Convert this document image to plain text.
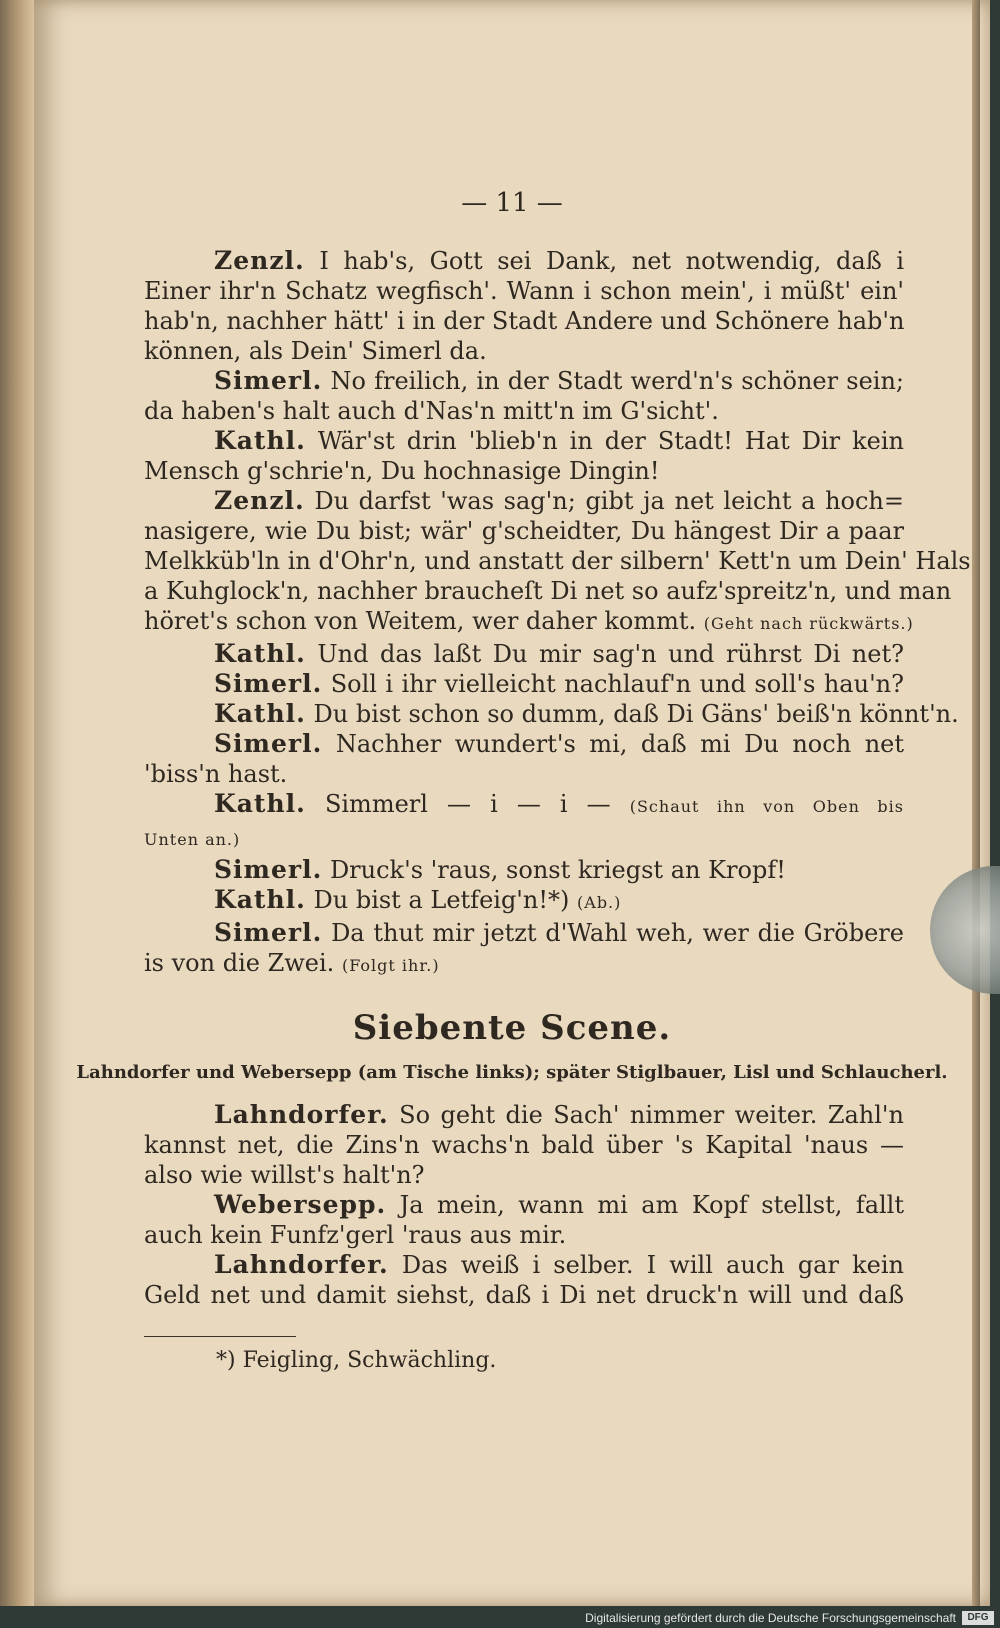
— 11 —
Zenzl. I hab's, Gott sei Dank, net notwendig, daß i
Einer ihr'n Schatz wegfisch'. Wann i schon mein', i müßt' ein'
hab'n, nachher hätt' i in der Stadt Andere und Schönere hab'n
können, als Dein' Simerl da.
Simerl. No freilich, in der Stadt werd'n's schöner sein;
da haben's halt auch d'Nas'n mitt'n im G'sicht'.
Kathl. Wär'st drin 'blieb'n in der Stadt! Hat Dir kein
Mensch g'schrie'n, Du hochnasige Dingin!
Zenzl. Du darfst 'was sag'n; gibt ja net leicht a hoch=
nasigere, wie Du bist; wär' g'scheidter, Du hängest Dir a paar
Melkküb'ln in d'Ohr'n, und anstatt der silbern' Kett'n um Dein' Hals
a Kuhglock'n, nachher braucheſt Di net so aufz'spreitz'n, und man
höret's schon von Weitem, wer daher kommt. (Geht nach rückwärts.)
Kathl. Und das laßt Du mir sag'n und rührst Di net?
Simerl. Soll i ihr vielleicht nachlauf'n und soll's hau'n?
Kathl. Du bist schon so dumm, daß Di Gäns' beiß'n könnt'n.
Simerl. Nachher wundert's mi, daß mi Du noch net
'biss'n hast.
Kathl. Simmerl — i — i — (Schaut ihn von Oben bis
Unten an.)
Simerl. Druck's 'raus, sonst kriegst an Kropf!
Kathl. Du bist a Letfeig'n!*) (Ab.)
Simerl. Da thut mir jetzt d'Wahl weh, wer die Gröbere
is von die Zwei. (Folgt ihr.)
Siebente Scene.
Lahndorfer und Webersepp (am Tische links); später Stiglbauer, Lisl und Schlaucherl.
Lahndorfer. So geht die Sach' nimmer weiter. Zahl'n
kannst net, die Zins'n wachs'n bald über 's Kapital 'naus —
also wie willst's halt'n?
Webersepp. Ja mein, wann mi am Kopf stellst, fallt
auch kein Funfz'gerl 'raus aus mir.
Lahndorfer. Das weiß i selber. I will auch gar kein
Geld net und damit siehst, daß i Di net druck'n will und daß
*) Feigling, Schwächling.
Digitalisierung gefördert durch die Deutsche Forschungsgemeinschaft	DFG
